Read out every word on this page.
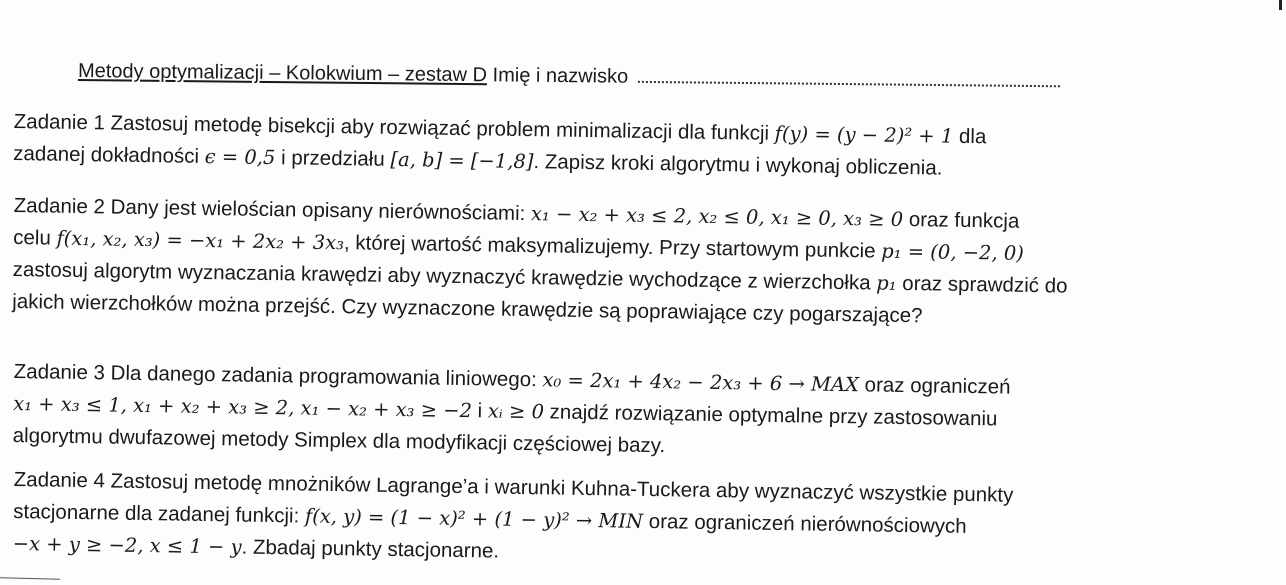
Metody optymalizacji – Kolokwium – zestaw D Imię i nazwisko
Zadanie 1 Zastosuj metodę bisekcji aby rozwiązać problem minimalizacji dla funkcji f(y) = (y − 2)² + 1 dla
zadanej dokładności ϵ = 0,5 i przedziału [a, b] = [−1,8]. Zapisz kroki algorytmu i wykonaj obliczenia.
Zadanie 2 Dany jest wielościan opisany nierównościami: x₁ − x₂ + x₃ ≤ 2, x₂ ≤ 0, x₁ ≥ 0, x₃ ≥ 0 oraz funkcja
celu f(x₁, x₂, x₃) = −x₁ + 2x₂ + 3x₃, której wartość maksymalizujemy. Przy startowym punkcie p₁ = (0, −2, 0)
zastosuj algorytm wyznaczania krawędzi aby wyznaczyć krawędzie wychodzące z wierzchołka p₁ oraz sprawdzić do
jakich wierzchołków można przejść. Czy wyznaczone krawędzie są poprawiające czy pogarszające?
Zadanie 3 Dla danego zadania programowania liniowego: x₀ = 2x₁ + 4x₂ − 2x₃ + 6 → MAX oraz ograniczeń
x₁ + x₃ ≤ 1, x₁ + x₂ + x₃ ≥ 2, x₁ − x₂ + x₃ ≥ −2 i xᵢ ≥ 0 znajdź rozwiązanie optymalne przy zastosowaniu
algorytmu dwufazowej metody Simplex dla modyfikacji częściowej bazy.
Zadanie 4 Zastosuj metodę mnożników Lagrange’a i warunki Kuhna-Tuckera aby wyznaczyć wszystkie punkty
stacjonarne dla zadanej funkcji: f(x, y) = (1 − x)² + (1 − y)² → MIN oraz ograniczeń nierównościowych
−x + y ≥ −2, x ≤ 1 − y. Zbadaj punkty stacjonarne.
